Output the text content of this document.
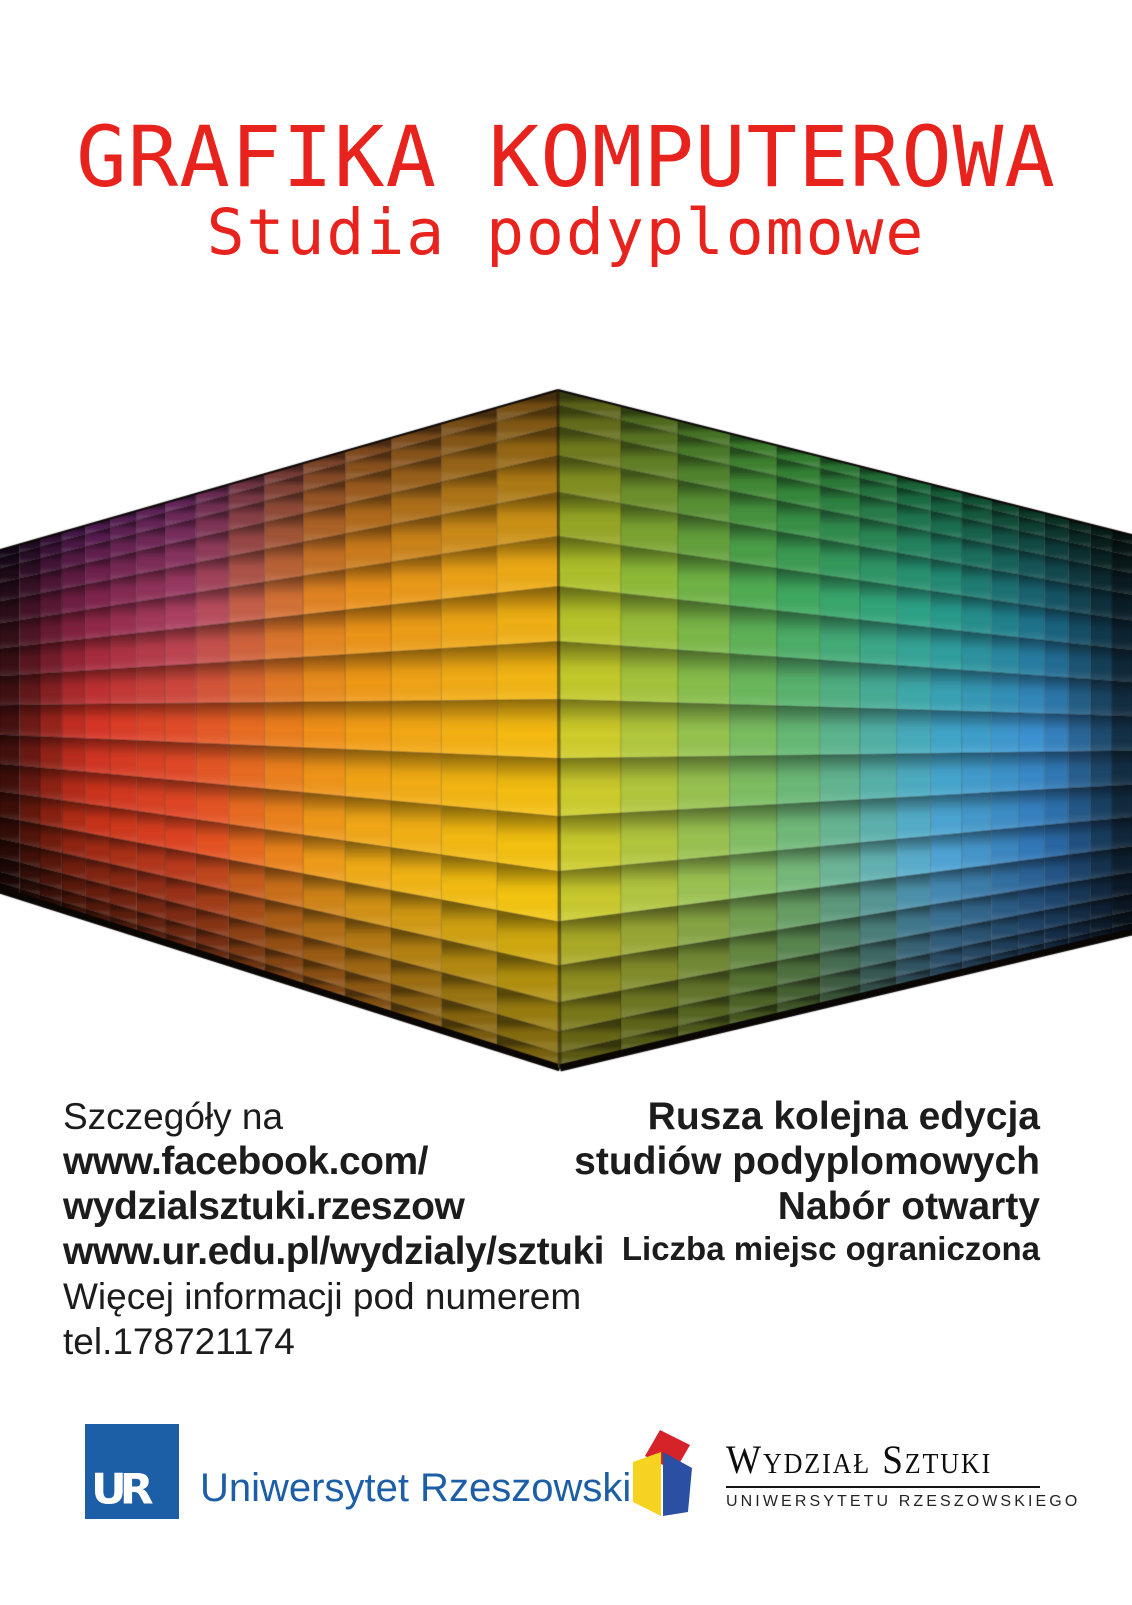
GRAFIKA KOMPUTEROWA
Studia podyplomowe
Szczegóły na
www.facebook.com/
wydzialsztuki.rzeszow
www.ur.edu.pl/wydzialy/sztuki
Więcej informacji pod numerem
tel.178721174
Rusza kolejna edycja
studiów podyplomowych
Nabór otwarty
Liczba miejsc ograniczona
UR Uniwersytet Rzeszowski
Wydział Sztuki
UNIWERSYTETU RZESZOWSKIEGO
